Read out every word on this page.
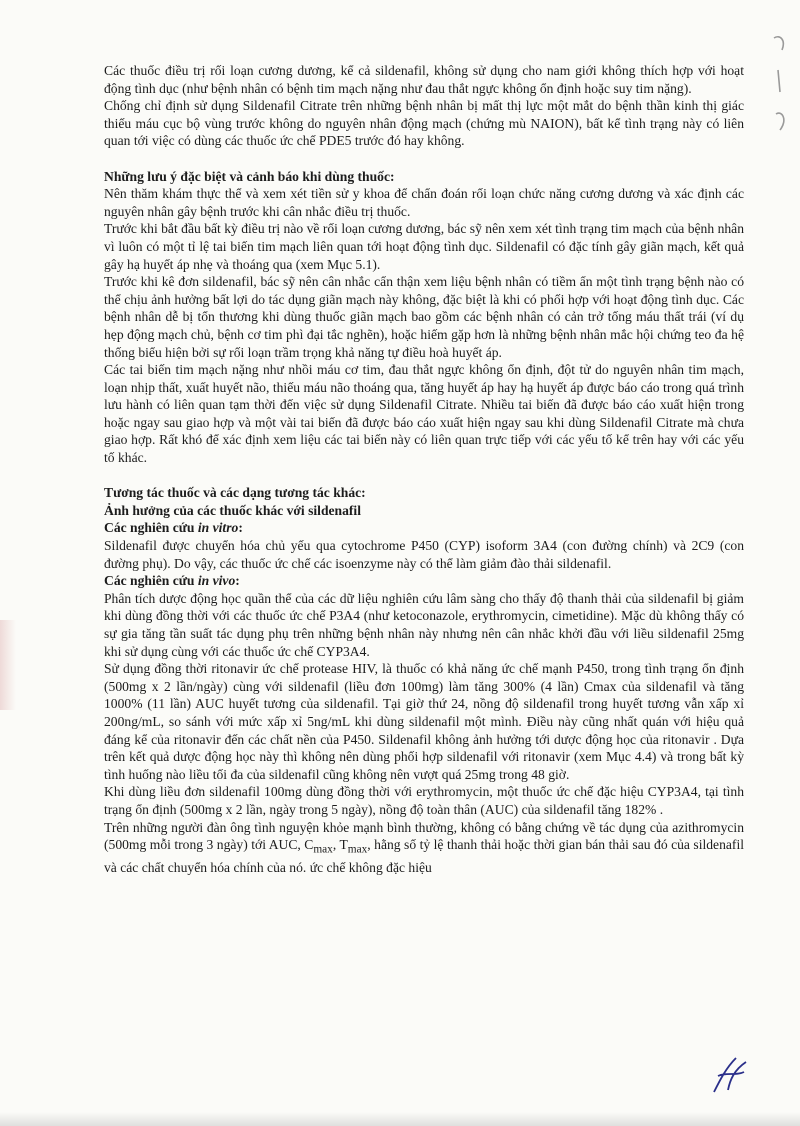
Các thuốc điều trị rối loạn cương dương, kể cả sildenafil, không sử dụng cho nam giới không thích hợp với hoạt động tình dục (như bệnh nhân có bệnh tim mạch nặng như đau thắt ngực không ổn định hoặc suy tim nặng).

Chống chỉ định sử dụng Sildenafil Citrate trên những bệnh nhân bị mất thị lực một mắt do bệnh thần kinh thị giác thiếu máu cục bộ vùng trước không do nguyên nhân động mạch (chứng mù NAION), bất kể tình trạng này có liên quan tới việc có dùng các thuốc ức chế PDE5 trước đó hay không.

Những lưu ý đặc biệt và cảnh báo khi dùng thuốc:

Nên thăm khám thực thể và xem xét tiền sử y khoa để chẩn đoán rối loạn chức năng cương dương và xác định các nguyên nhân gây bệnh trước khi cân nhắc điều trị thuốc.

Trước khi bắt đầu bất kỳ điều trị nào về rối loạn cương dương, bác sỹ nên xem xét tình trạng tim mạch của bệnh nhân vì luôn có một tỉ lệ tai biến tim mạch liên quan tới hoạt động tình dục. Sildenafil có đặc tính gây giãn mạch, kết quả gây hạ huyết áp nhẹ và thoáng qua (xem Mục 5.1).

Trước khi kê đơn sildenafil, bác sỹ nên cân nhắc cẩn thận xem liệu bệnh nhân có tiềm ẩn một tình trạng bệnh nào có thể chịu ảnh hưởng bất lợi do tác dụng giãn mạch này không, đặc biệt là khi có phối hợp với hoạt động tình dục. Các bệnh nhân dễ bị tổn thương khi dùng thuốc giãn mạch bao gồm các bệnh nhân có cản trở tống máu thất trái (ví dụ hẹp động mạch chủ, bệnh cơ tim phì đại tắc nghẽn), hoặc hiếm gặp hơn là những bệnh nhân mắc hội chứng teo đa hệ thống biểu hiện bởi sự rối loạn trầm trọng khả năng tự điều hoà huyết áp.

Các tai biến tim mạch nặng như nhồi máu cơ tim, đau thắt ngực không ổn định, đột tử do nguyên nhân tim mạch, loạn nhịp thất, xuất huyết não, thiếu máu não thoáng qua, tăng huyết áp hay hạ huyết áp được báo cáo trong quá trình lưu hành có liên quan tạm thời đến việc sử dụng Sildenafil Citrate. Nhiều tai biến đã được báo cáo xuất hiện trong hoặc ngay sau giao hợp và một vài tai biến đã được báo cáo xuất hiện ngay sau khi dùng Sildenafil Citrate mà chưa giao hợp. Rất khó để xác định xem liệu các tai biến này có liên quan trực tiếp với các yếu tố kể trên hay với các yếu tố khác.

Tương tác thuốc và các dạng tương tác khác:

Ảnh hưởng của các thuốc khác với sildenafil

Các nghiên cứu in vitro:

Sildenafil được chuyển hóa chủ yếu qua cytochrome P450 (CYP) isoform 3A4 (con đường chính) và 2C9 (con đường phụ). Do vậy, các thuốc ức chế các isoenzyme này có thể làm giảm đào thải sildenafil.

Các nghiên cứu in vivo:

Phân tích dược động học quần thể của các dữ liệu nghiên cứu lâm sàng cho thấy độ thanh thải của sildenafil bị giảm khi dùng đồng thời với các thuốc ức chế P3A4 (như ketoconazole, erythromycin, cimetidine). Mặc dù không thấy có sự gia tăng tần suất tác dụng phụ trên những bệnh nhân này nhưng nên cân nhắc khởi đầu với liều sildenafil 25mg khi sử dụng cùng với các thuốc ức chế CYP3A4.

Sử dụng đồng thời ritonavir ức chế protease HIV, là thuốc có khả năng ức chế mạnh P450, trong tình trạng ổn định (500mg x 2 lần/ngày) cùng với sildenafil (liều đơn 100mg) làm tăng 300% (4 lần) Cmax của sildenafil và tăng 1000% (11 lần) AUC huyết tương của sildenafil. Tại giờ thứ 24, nồng độ sildenafil trong huyết tương vẫn xấp xỉ 200ng/mL, so sánh với mức xấp xỉ 5ng/mL khi dùng sildenafil một mình. Điều này cũng nhất quán với hiệu quả đáng kể của ritonavir đến các chất nền của P450. Sildenafil không ảnh hưởng tới dược động học của ritonavir . Dựa trên kết quả dược động học này thì không nên dùng phối hợp sildenafil với ritonavir (xem Mục 4.4) và trong bất kỳ tình huống nào liều tối đa của sildenafil cũng không nên vượt quá 25mg trong 48 giờ.

Khi dùng liều đơn sildenafil 100mg dùng đồng thời với erythromycin, một thuốc ức chế đặc hiệu CYP3A4, tại tình trạng ổn định (500mg x 2 lần, ngày trong 5 ngày), nồng độ toàn thân (AUC) của sildenafil tăng 182% .

Trên những người đàn ông tình nguyện khỏe mạnh bình thường, không có bằng chứng về tác dụng của azithromycin (500mg mỗi trong 3 ngày) tới AUC, $C_{max}$, $T_{max}$, hằng số tỷ lệ thanh thải hoặc thời gian bán thải sau đó của sildenafil và các chất chuyển hóa chính của nó. ức chế không đặc hiệu
